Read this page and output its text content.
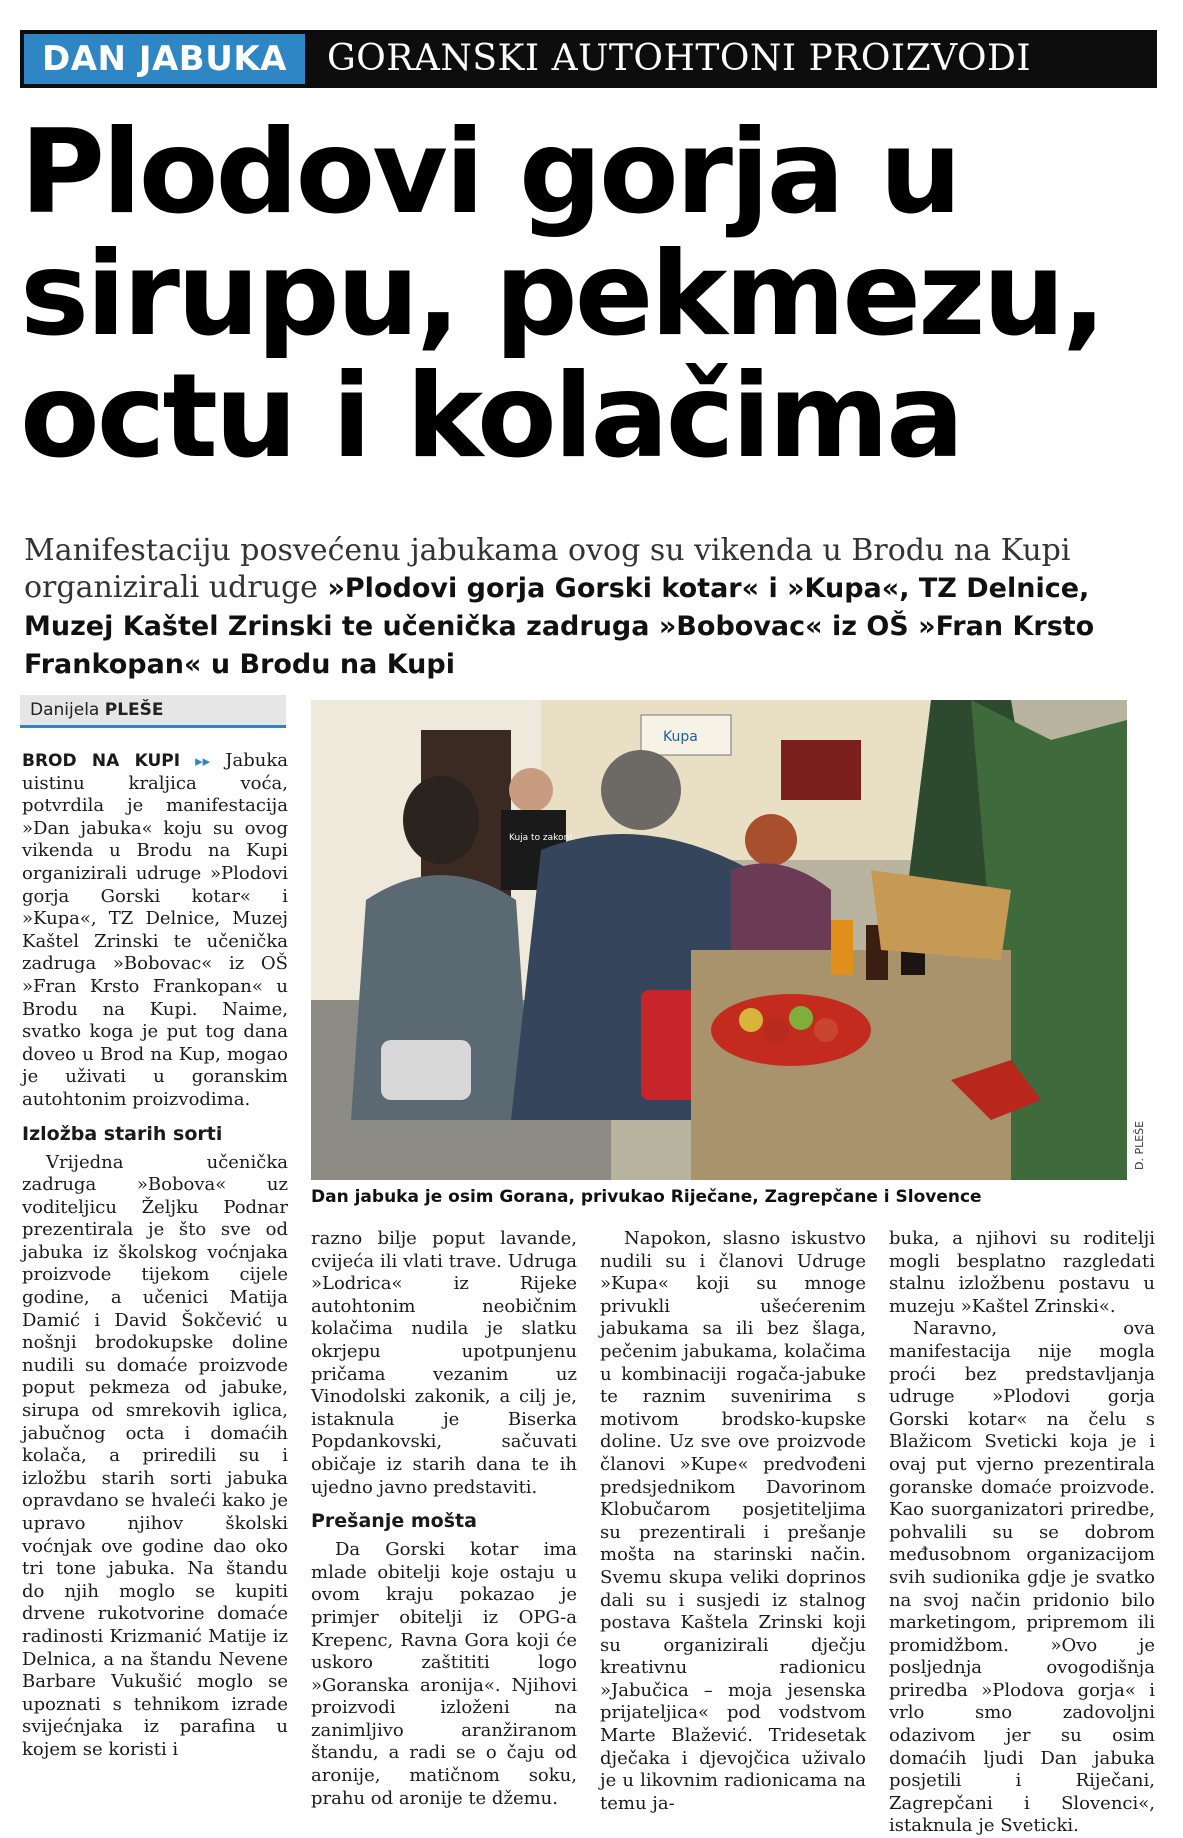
DAN JABUKA	GORANSKI AUTOHTONI PROIZVODI
Plodovi gorja u
sirupu, pekmezu,
octu i kolačima

Manifestaciju posvećenu jabukama ovog su vikenda u Brodu na Kupi organizirali udruge »Plodovi gorja Gorski kotar« i »Kupa«, TZ Delnice, Muzej Kaštel Zrinski te učenička zadruga »Bobovac« iz OŠ »Fran Krsto Frankopan« u Brodu na Kupi

Danijela PLEŠE

BROD NA KUPI ▸▸ Jabuka uistinu kraljica voća, potvrdila je manifestacija »Dan jabuka« koju su ovog vikenda u Brodu na Kupi organizirali udruge »Plodovi gorja Gorski kotar« i »Kupa«, TZ Delnice, Muzej Kaštel Zrinski te učenička zadruga »Bobovac« iz OŠ »Fran Krsto Frankopan« u Brodu na Kupi. Naime, svatko koga je put tog dana doveo u Brod na Kup, mogao je uživati u goranskim autohtonim proizvodima.

Izložba starih sorti

Vrijedna učenička zadruga »Bobova« uz voditeljicu Željku Podnar prezentirala je što sve od jabuka iz školskog voćnjaka proizvode tijekom cijele godine, a učenici Matija Damić i David Šokčević u nošnji brodokupske doline nudili su domaće proizvode poput pekmeza od jabuke, sirupa od smrekovih iglica, jabučnog octa i domaćih kolača, a priredili su i izložbu starih sorti jabuka opravdano se hvaleći kako je upravo njihov školski voćnjak ove godine dao oko tri tone jabuka. Na štandu do njih moglo se kupiti drvene rukotvorine domaće radinosti Krizmanić Matije iz Delnica, a na štandu Nevene Barbare Vukušić moglo se upoznati s tehnikom izrade svijećnjaka iz parafina u kojem se koristi i

Kupa
Kuja to zakon!
D. PLEŠE
Dan jabuka je osim Gorana, privukao Riječane, Zagrepčane i Slovence

razno bilje poput lavande, cvijeća ili vlati trave. Udruga »Lodrica« iz Rijeke autohtonim neobičnim kolačima nudila je slatku okrjepu upotpunjenu pričama vezanim uz Vinodolski zakonik, a cilj je, istaknula je Biserka Popdankovski, sačuvati običaje iz starih dana te ih ujedno javno predstaviti.

Prešanje mošta

Da Gorski kotar ima mlade obitelji koje ostaju u ovom kraju pokazao je primjer obitelji iz OPG-a Krepenc, Ravna Gora koji će uskoro zaštititi logo »Goranska aronija«. Njihovi proizvodi izloženi na zanimljivo aranžiranom štandu, a radi se o čaju od aronije, matičnom soku, prahu od aronije te džemu.

Napokon, slasno iskustvo nudili su i članovi Udruge »Kupa« koji su mnoge privukli ušećerenim jabukama sa ili bez šlaga, pečenim jabukama, kolačima u kombinaciji rogača-jabuke te raznim suvenirima s motivom brodsko-kupske doline. Uz sve ove proizvode članovi »Kupe« predvođeni predsjednikom Davorinom Klobučarom posjetiteljima su prezentirali i prešanje mošta na starinski način. Svemu skupa veliki doprinos dali su i susjedi iz stalnog postava Kaštela Zrinski koji su organizirali dječju kreativnu radionicu »Jabučica – moja jesenska prijateljica« pod vodstvom Marte Blažević. Tridesetak dječaka i djevojčica uživalo je u likovnim radionicama na temu ja-

buka, a njihovi su roditelji mogli besplatno razgledati stalnu izložbenu postavu u muzeju »Kaštel Zrinski«.

Naravno, ova manifestacija nije mogla proći bez predstavljanja udruge »Plodovi gorja Gorski kotar« na čelu s Blažicom Sveticki koja je i ovaj put vjerno prezentirala goranske domaće proizvode. Kao suorganizatori priredbe, pohvalili su se dobrom međusobnom organizacijom svih sudionika gdje je svatko na svoj način pridonio bilo marketingom, pripremom ili promidžbom. »Ovo je posljednja ovogodišnja priredba »Plodova gorja« i vrlo smo zadovoljni odazivom jer su osim domaćih ljudi Dan jabuka posjetili i Riječani, Zagrepčani i Slovenci«, istaknula je Sveticki.
